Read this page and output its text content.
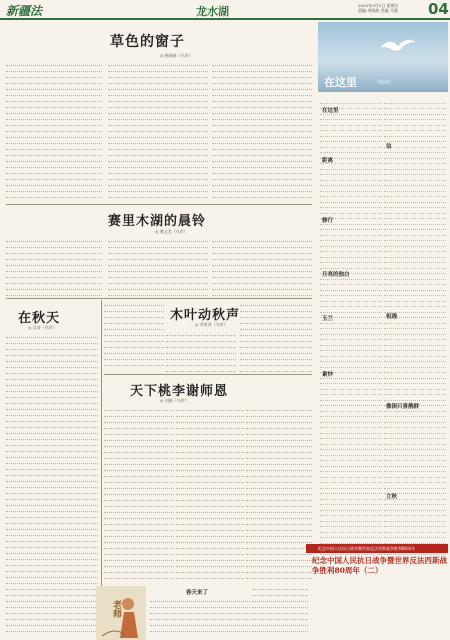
新疆法	龙水湖	2025年9月5日 星期五
责编 李海波 美编 马强	04
草色的窗子
◎ 杨靖春（乌市）
赛里木湖的晨铃
◎ 黄文君（乌市）
在秋天
◎ 吴奇（乌市）
木叶动秋声
◎ 李景萍（乌市）
天下桃李谢师恩
◎ 刘娟（乌市）
老师
春天来了
在这里	（组诗）
在这里
距离
修行
月亮的独白
玉兰
素炒
信
相遇
像困只喜鹊群
立秋
纪念中国人民抗日战争暨世界反法西斯战争胜利80周年
纪念中国人民抗日战争暨世界反法西斯战争胜利80周年（二）
